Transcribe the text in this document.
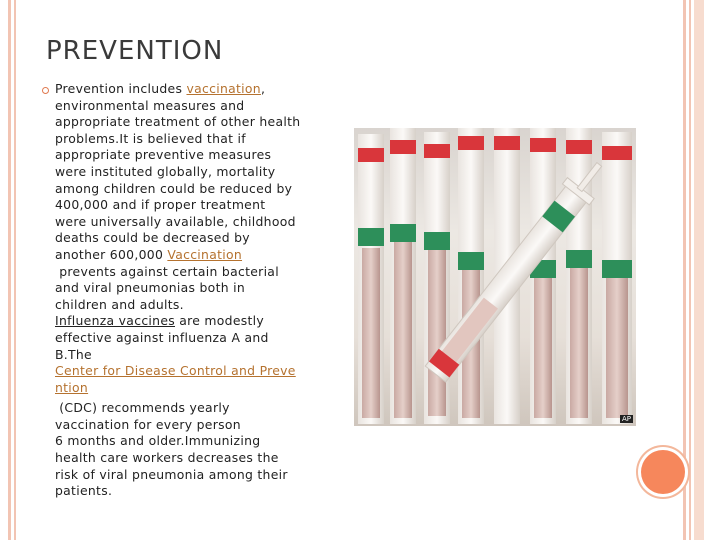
PREVENTION
Prevention includes vaccination,
environmental measures and
appropriate treatment of other health
problems.It is believed that if
appropriate preventive measures
were instituted globally, mortality
among children could be reduced by
400,000 and if proper treatment
were universally available, childhood
deaths could be decreased by
another 600,000 Vaccination
prevents against certain bacterial
and viral pneumonias both in
children and adults.
Influenza vaccines are modestly
effective against influenza A and
B.The
Center for Disease Control and Preve
ntion
(CDC) recommends yearly
vaccination for every person
6 months and older.Immunizing
health care workers decreases the
risk of viral pneumonia among their
patients.
AP
